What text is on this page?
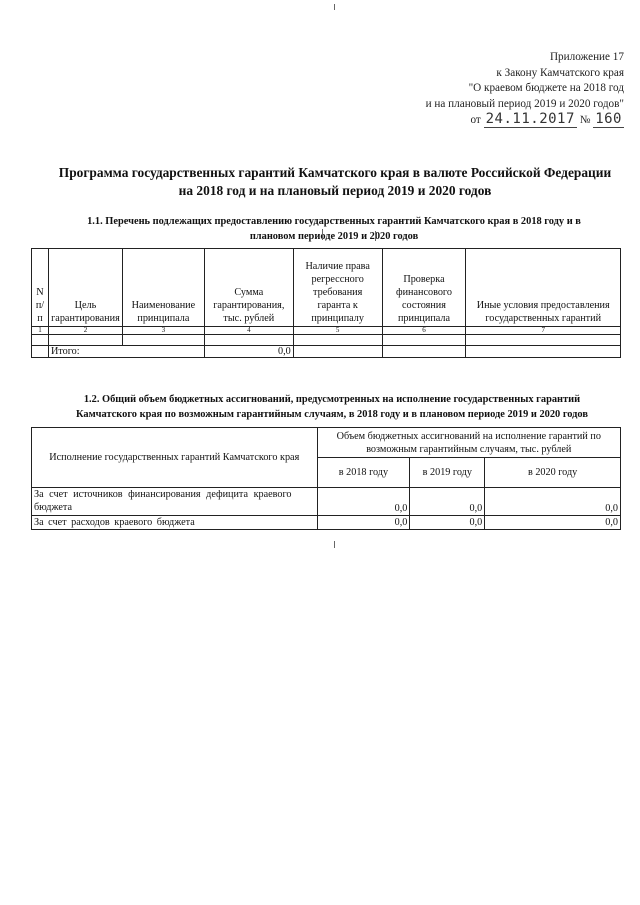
Приложение 17
к Закону Камчатского края
"О краевом бюджете на 2018 год
и на плановый период 2019 и 2020 годов"
от 24.11.2017 № 160
Программа государственных гарантий Камчатского края в валюте Российской Федерации
на 2018 год и на плановый период 2019 и 2020 годов
1.1. Перечень подлежащих предоставлению государственных гарантий Камчатского края в 2018 году и в
плановом периоде 2019 и 2020 годов
N п/п	Цель гарантирования	Наименование принципала	Сумма гарантирования, тыс. рублей	Наличие права регрессного требования гаранта к принципалу	Проверка финансового состояния принципала	Иные условия предоставления государственных гарантий
1	2	3	4	5	6	7

	Итого:		0,0			
1.2. Общий объем бюджетных ассигнований, предусмотренных на исполнение государственных гарантий
Камчатского края по возможным гарантийным случаям, в 2018 году и в плановом периоде 2019 и 2020 годов
Исполнение государственных гарантий Камчатского края	Объем бюджетных ассигнований на исполнение гарантий по возможным гарантийным случаям, тыс. рублей		
	в 2018 году	в 2019 году	в 2020 году
За счет источников финансирования дефицита краевого бюджета	0,0	0,0	0,0
За счет расходов краевого бюджета	0,0	0,0	0,0
